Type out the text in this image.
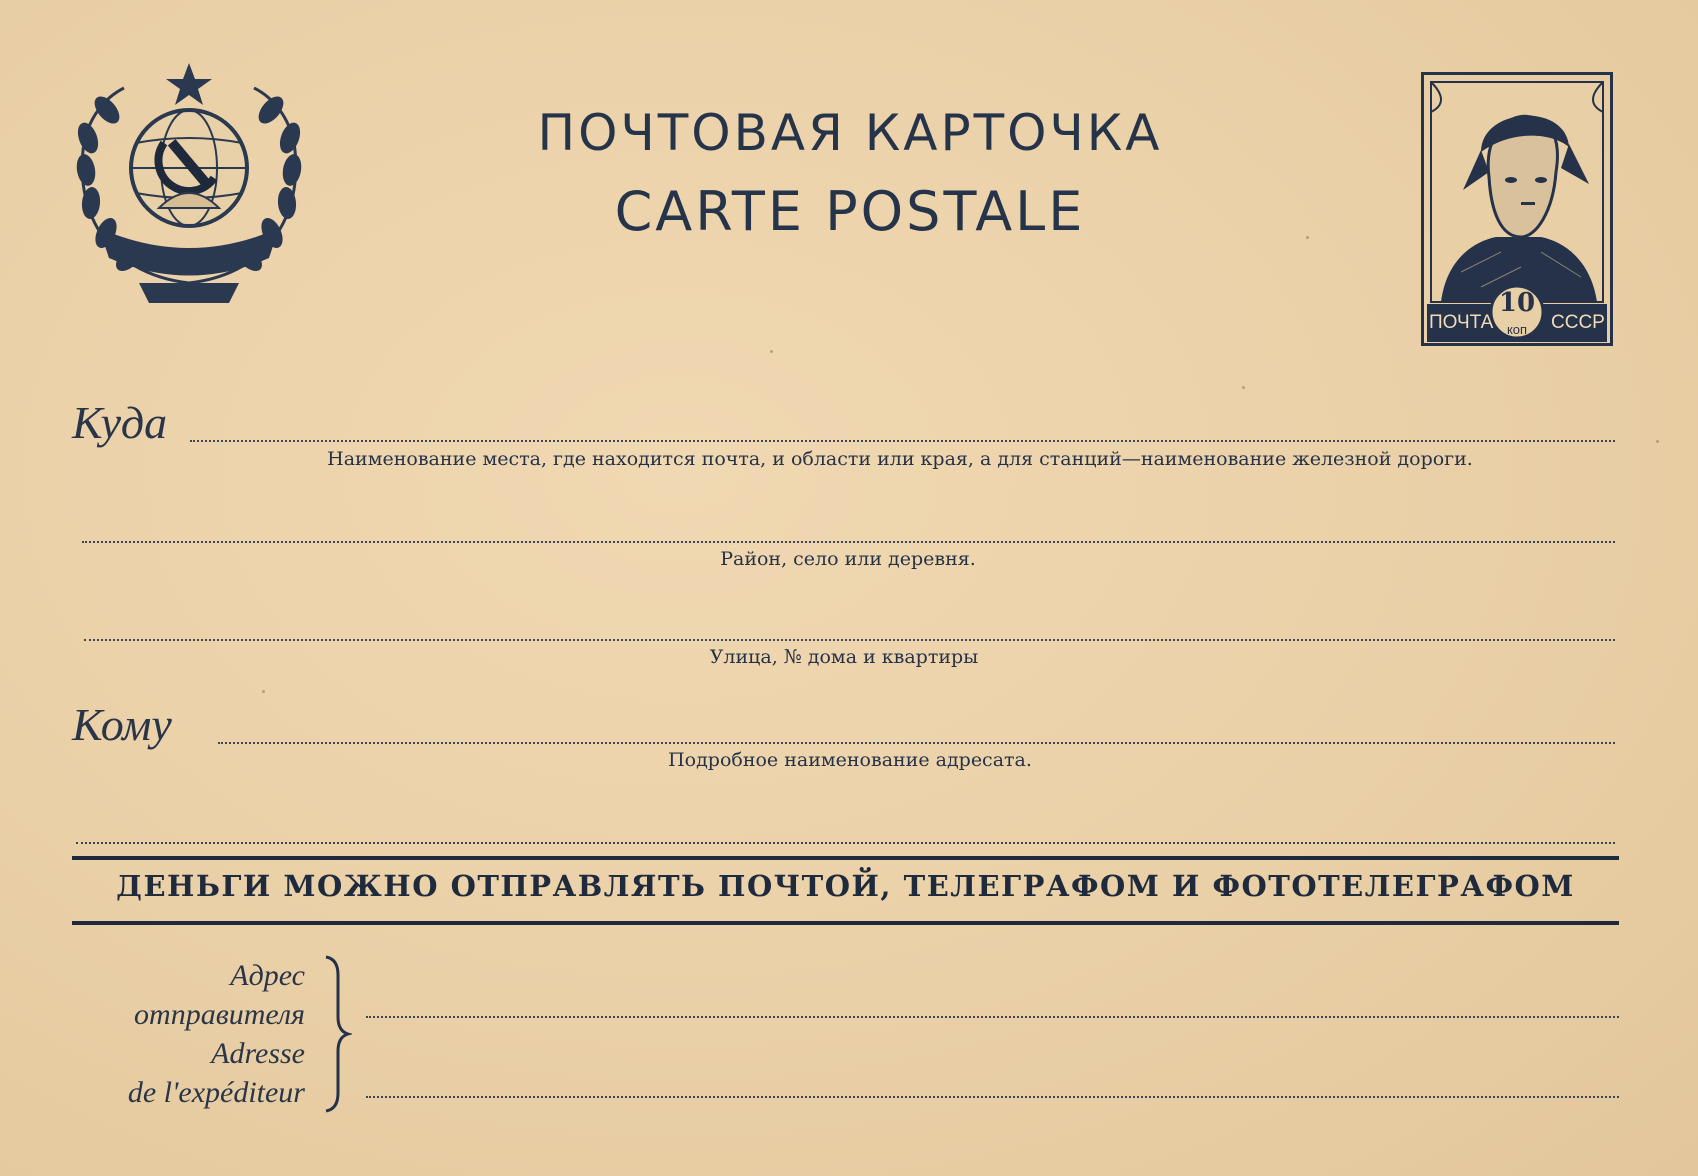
ПОЧТОВАЯ КАРТОЧКА
CARTE POSTALE
ПОЧТА
10
коп	СССР
Куда
Наименование места, где находится почта, и области или края, а для станций—наименование железной дороги.
Район, село или деревня.
Улица, № дома и квартиры
Кому
Подробное наименование адресата.
ДЕНЬГИ МОЖНО ОТПРАВЛЯТЬ ПОЧТОЙ, ТЕЛЕГРАФОМ И ФОТОТЕЛЕГРАФОМ
Адрес
отправителя
Adresse
de l'expéditeur
